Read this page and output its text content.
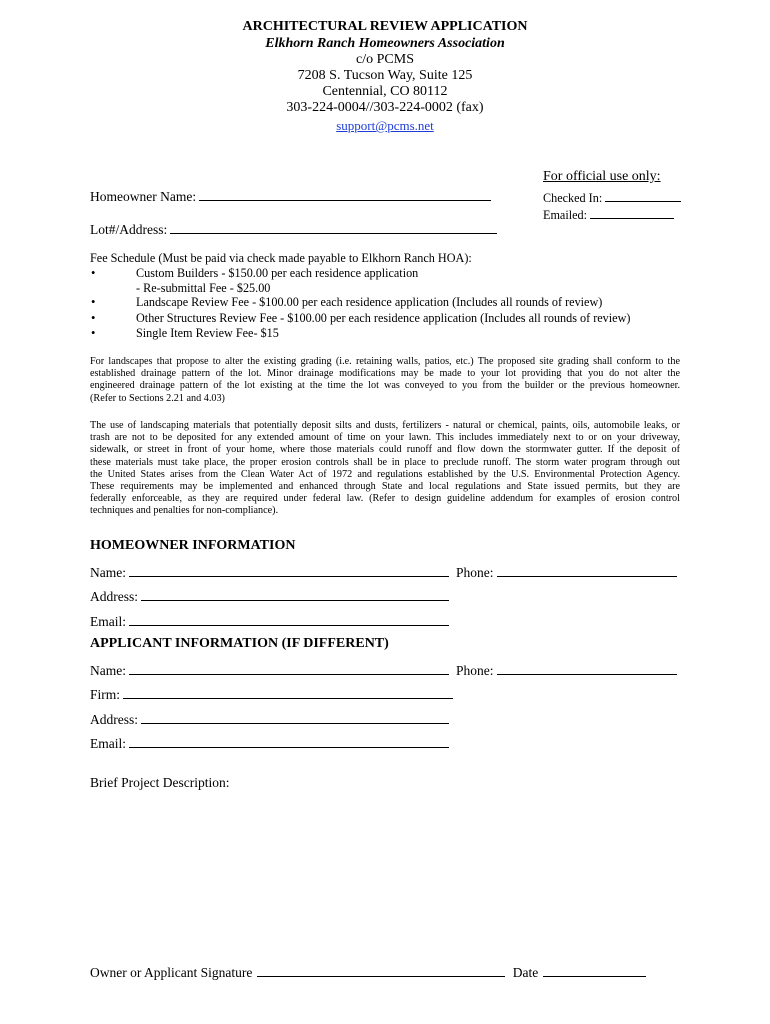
ARCHITECTURAL REVIEW APPLICATION
Elkhorn Ranch Homeowners Association
c/o PCMS
7208 S. Tucson Way, Suite 125
Centennial, CO 80112
303-224-0004//303-224-0002 (fax)
support@pcms.net
For official use only:
Checked In:
Emailed:
Homeowner Name:
Lot#/Address:
Fee Schedule (Must be paid via check made payable to Elkhorn Ranch HOA):
•	Custom Builders - $150.00 per each residence application
- Re-submittal Fee - $25.00
•	Landscape Review Fee - $100.00 per each residence application (Includes all rounds of review)
•	Other Structures Review Fee - $100.00 per each residence application (Includes all rounds of review)
•	Single Item Review Fee- $15
For landscapes that propose to alter the existing grading (i.e. retaining walls, patios, etc.) The proposed site grading shall conform to the
established drainage pattern of the lot. Minor drainage modifications may be made to your lot providing that you do not alter the
engineered drainage pattern of the lot existing at the time the lot was conveyed to you from the builder or the previous homeowner.
(Refer to Sections 2.21 and 4.03)
The use of landscaping materials that potentially deposit silts and dusts, fertilizers - natural or chemical, paints, oils, automobile leaks, or
trash are not to be deposited for any extended amount of time on your lawn. This includes immediately next to or on your driveway,
sidewalk, or street in front of your home, where those materials could runoff and flow down the stormwater gutter. If the deposit of
these materials must take place, the proper erosion controls shall be in place to preclude runoff. The storm water program through out
the United States arises from the Clean Water Act of 1972 and regulations established by the U.S. Environmental Protection Agency.
These requirements may be implemented and enhanced through State and local regulations and State issued permits, but they are
federally enforceable, as they are required under federal law. (Refer to design guideline addendum for examples of erosion control
techniques and penalties for non-compliance).
HOMEOWNER INFORMATION
Name:	Phone:
Address:
Email:
APPLICANT INFORMATION (IF DIFFERENT)
Name:	Phone:
Firm:
Address:
Email:
Brief Project Description:
Owner or Applicant Signature	Date
